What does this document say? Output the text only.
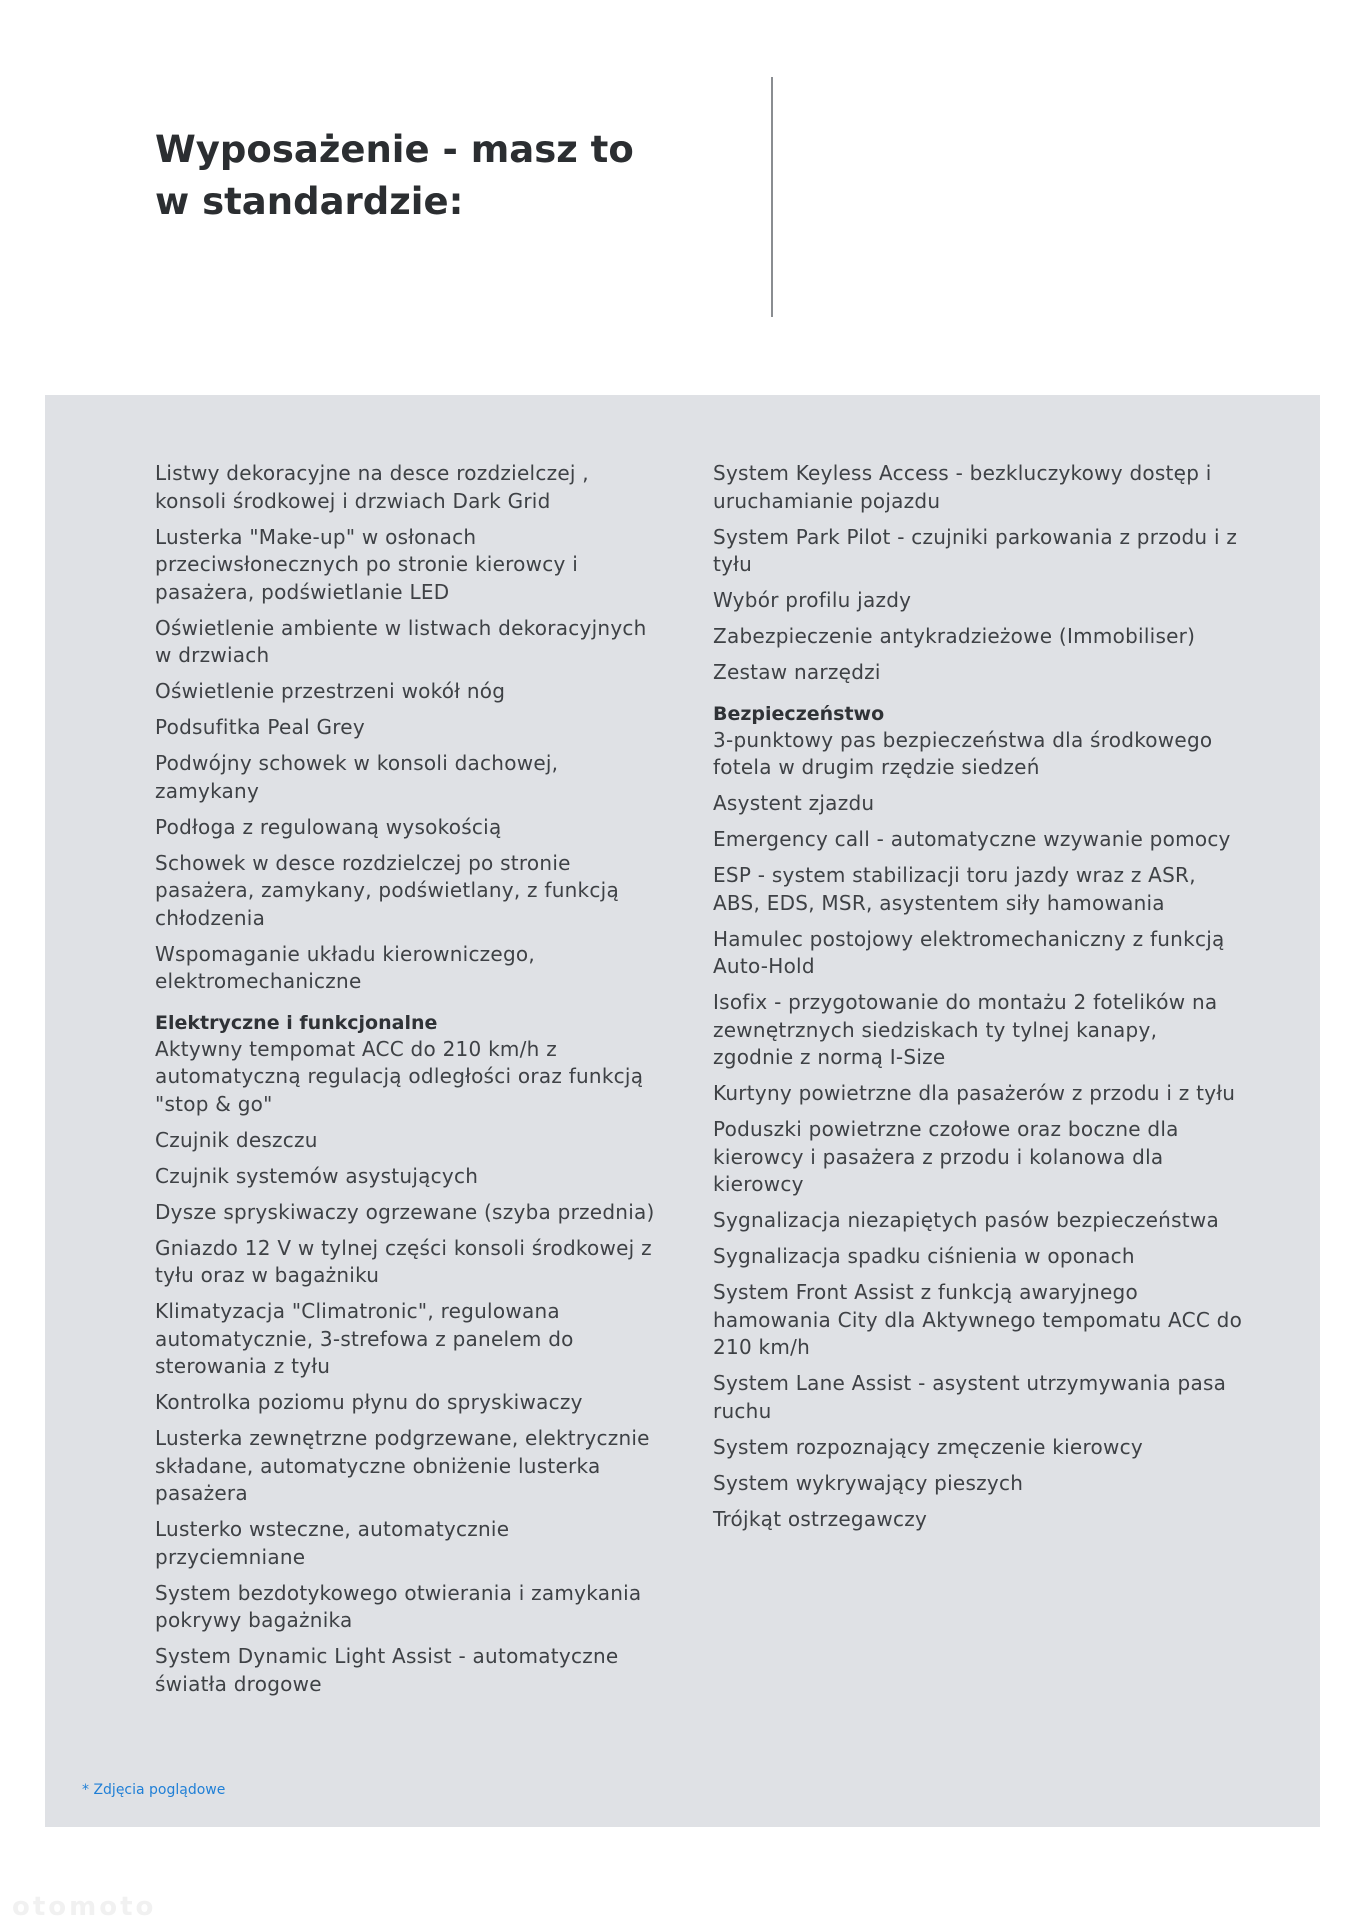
Wyposażenie - masz to
w standardzie:

Listwy dekoracyjne na desce rozdzielczej , konsoli środkowej i drzwiach Dark Grid

Lusterka "Make-up" w osłonach przeciwsłonecznych po stronie kierowcy i pasażera, podświetlanie LED

Oświetlenie ambiente w listwach dekoracyjnych w drzwiach

Oświetlenie przestrzeni wokół nóg

Podsufitka Peal Grey

Podwójny schowek w konsoli dachowej, zamykany

Podłoga z regulowaną wysokością

Schowek w desce rozdzielczej po stronie pasażera, zamykany, podświetlany, z funkcją chłodzenia

Wspomaganie układu kierowniczego, elektromechaniczne

Elektryczne i funkcjonalne

Aktywny tempomat ACC do 210 km/h z automatyczną regulacją odległości oraz funkcją "stop & go"

Czujnik deszczu

Czujnik systemów asystujących

Dysze spryskiwaczy ogrzewane (szyba przednia)

Gniazdo 12 V w tylnej części konsoli środkowej z tyłu oraz w bagażniku

Klimatyzacja "Climatronic", regulowana automatycznie, 3-strefowa z panelem do sterowania z tyłu

Kontrolka poziomu płynu do spryskiwaczy

Lusterka zewnętrzne podgrzewane, elektrycznie składane, automatyczne obniżenie lusterka pasażera

Lusterko wsteczne, automatycznie przyciemniane

System bezdotykowego otwierania i zamykania pokrywy bagażnika

System Dynamic Light Assist - automatyczne światła drogowe

System Keyless Access - bezkluczykowy dostęp i uruchamianie pojazdu

System Park Pilot - czujniki parkowania z przodu i z tyłu

Wybór profilu jazdy

Zabezpieczenie antykradzieżowe (Immobiliser)

Zestaw narzędzi

Bezpieczeństwo

3-punktowy pas bezpieczeństwa dla środkowego fotela w drugim rzędzie siedzeń

Asystent zjazdu

Emergency call - automatyczne wzywanie pomocy

ESP - system stabilizacji toru jazdy wraz z ASR, ABS, EDS, MSR, asystentem siły hamowania

Hamulec postojowy elektromechaniczny z funkcją Auto-Hold

Isofix - przygotowanie do montażu 2 fotelików na zewnętrznych siedziskach ty tylnej kanapy, zgodnie z normą I-Size

Kurtyny powietrzne dla pasażerów z przodu i z tyłu

Poduszki powietrzne czołowe oraz boczne dla kierowcy i pasażera z przodu i kolanowa dla kierowcy

Sygnalizacja niezapiętych pasów bezpieczeństwa

Sygnalizacja spadku ciśnienia w oponach

System Front Assist z funkcją awaryjnego hamowania City dla Aktywnego tempomatu ACC do 210 km/h

System Lane Assist - asystent utrzymywania pasa ruchu

System rozpoznający zmęczenie kierowcy

System wykrywający pieszych

Trójkąt ostrzegawczy

* Zdjęcia poglądowe
otomoto
